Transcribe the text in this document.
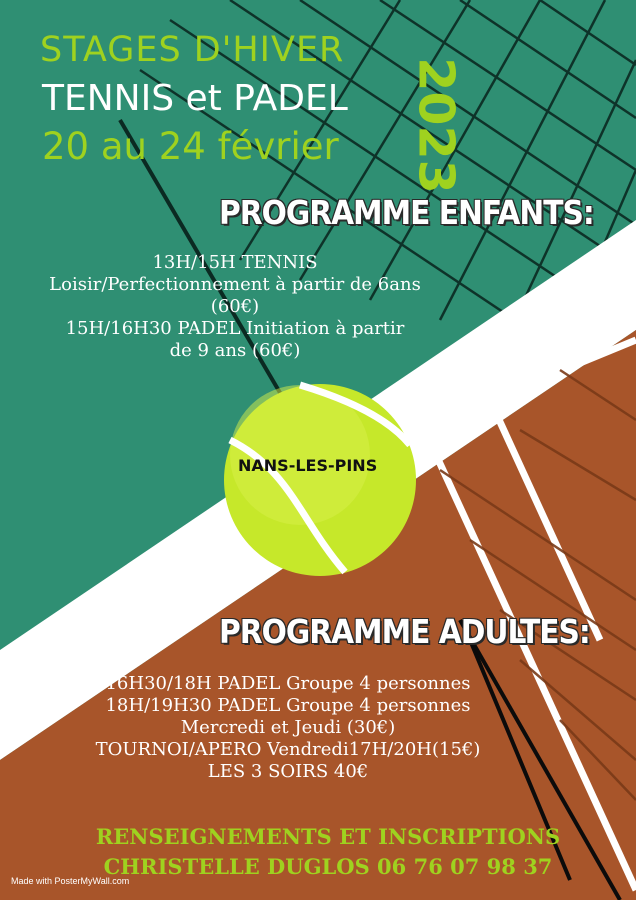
STAGES D'HIVER
TENNIS et PADEL
20 au 24 février 2023
PROGRAMME ENFANTS:
13H/15H TENNIS
Loisir/Perfectionnement à partir de 6ans
(60€)
15H/16H30 PADEL Initiation à partir
de 9 ans (60€)
NANS-LES-PINS
PROGRAMME ADULTES:
16H30/18H PADEL Groupe 4 personnes
18H/19H30 PADEL Groupe 4 personnes
Mercredi et Jeudi (30€)
TOURNOI/APERO Vendredi17H/20H(15€)
LES 3 SOIRS 40€
RENSEIGNEMENTS ET INSCRIPTIONS
CHRISTELLE DUGLOS 06 76 07 98 37
Made with PosterMyWall.com
